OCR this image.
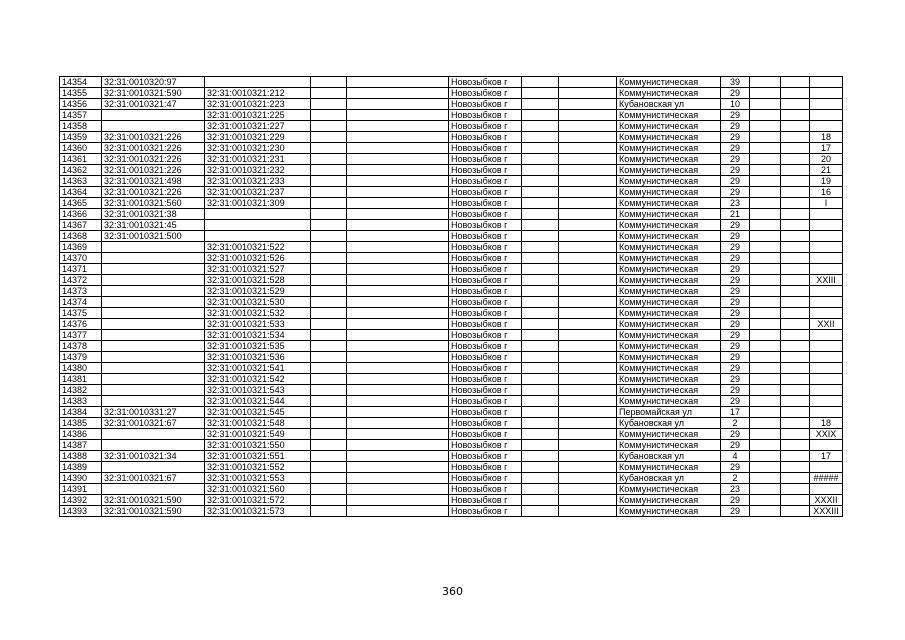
14354	32:31:0010320:97				Новозыбков г			Коммунистическая	39			
14355	32:31:0010321:590	32:31:0010321:212			Новозыбков г			Коммунистическая	29			
14356	32:31:0010321:47	32:31:0010321:223			Новозыбков г			Кубановская ул	10			
14357		32:31:0010321:225			Новозыбков г			Коммунистическая	29			
14358		32:31:0010321:227			Новозыбков г			Коммунистическая	29			
14359	32:31:0010321:226	32:31:0010321:229			Новозыбков г			Коммунистическая	29			18
14360	32:31:0010321:226	32:31:0010321:230			Новозыбков г			Коммунистическая	29			17
14361	32:31:0010321:226	32:31:0010321:231			Новозыбков г			Коммунистическая	29			20
14362	32:31:0010321:226	32:31:0010321:232			Новозыбков г			Коммунистическая	29			21
14363	32:31:0010321:498	32:31:0010321:233			Новозыбков г			Коммунистическая	29			19
14364	32:31:0010321:226	32:31:0010321:237			Новозыбков г			Коммунистическая	29			16
14365	32:31:0010321:560	32:31:0010321:309			Новозыбков г			Коммунистическая	23			I
14366	32:31:0010321:38				Новозыбков г			Коммунистическая	21			
14367	32:31:0010321:45				Новозыбков г			Коммунистическая	29			
14368	32:31:0010321:500				Новозыбков г			Коммунистическая	29			
14369		32:31:0010321:522			Новозыбков г			Коммунистическая	29			
14370		32:31:0010321:526			Новозыбков г			Коммунистическая	29			
14371		32:31:0010321:527			Новозыбков г			Коммунистическая	29			
14372		32:31:0010321:528			Новозыбков г			Коммунистическая	29			XXIII
14373		32:31:0010321:529			Новозыбков г			Коммунистическая	29			
14374		32:31:0010321:530			Новозыбков г			Коммунистическая	29			
14375		32:31:0010321:532			Новозыбков г			Коммунистическая	29			
14376		32:31:0010321:533			Новозыбков г			Коммунистическая	29			XXII
14377		32:31:0010321:534			Новозыбков г			Коммунистическая	29			
14378		32:31:0010321:535			Новозыбков г			Коммунистическая	29			
14379		32:31:0010321:536			Новозыбков г			Коммунистическая	29			
14380		32:31:0010321:541			Новозыбков г			Коммунистическая	29			
14381		32:31:0010321:542			Новозыбков г			Коммунистическая	29			
14382		32:31:0010321:543			Новозыбков г			Коммунистическая	29			
14383		32:31:0010321:544			Новозыбков г			Коммунистическая	29			
14384	32:31:0010331:27	32:31:0010321:545			Новозыбков г			Первомайская ул	17			
14385	32:31:0010321:67	32:31:0010321:548			Новозыбков г			Кубановская ул	2			18
14386		32:31:0010321:549			Новозыбков г			Коммунистическая	29			XXIX
14387		32:31:0010321:550			Новозыбков г			Коммунистическая	29			
14388	32:31:0010321:34	32:31:0010321:551			Новозыбков г			Кубановская ул	4			17
14389		32:31:0010321:552			Новозыбков г			Коммунистическая	29			
14390	32:31:0010321:67	32:31:0010321:553			Новозыбков г			Кубановская ул	2			#####
14391		32:31:0010321:560			Новозыбков г			Коммунистическая	23			
14392	32:31:0010321:590	32:31:0010321:572			Новозыбков г			Коммунистическая	29			XXXII
14393	32:31:0010321:590	32:31:0010321:573			Новозыбков г			Коммунистическая	29			XXXIII
360
